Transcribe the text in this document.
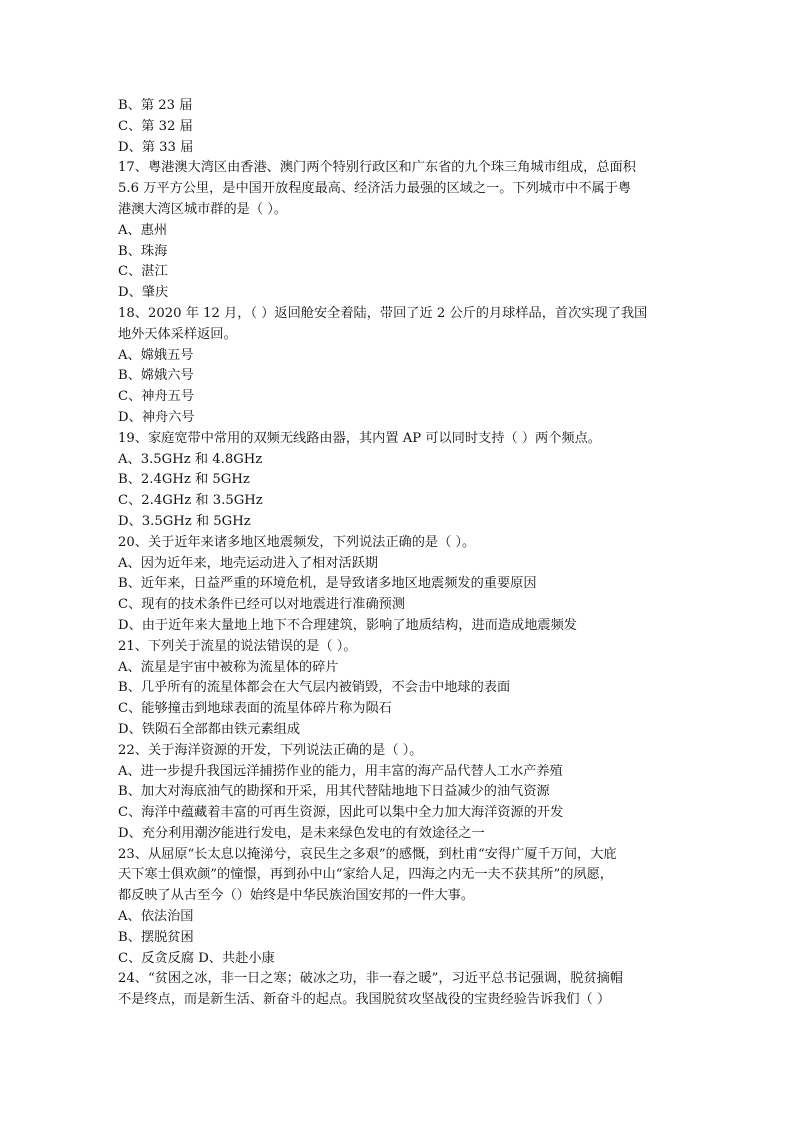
B、第 23 届
C、第 32 届
D、第 33 届
17、粤港澳大湾区由香港、澳门两个特别行政区和广东省的九个珠三角城市组成，总面积
5.6 万平方公里，是中国开放程度最高、经济活力最强的区域之一。下列城市中不属于粤
港澳大湾区城市群的是（ ）。
A、惠州
B、珠海
C、湛江
D、肇庆
18、2020 年 12 月，（ ）返回舱安全着陆，带回了近 2 公斤的月球样品，首次实现了我国
地外天体采样返回。
A、嫦娥五号
B、嫦娥六号
C、神舟五号
D、神舟六号
19、家庭宽带中常用的双频无线路由器，其内置 AP 可以同时支持（ ）两个频点。
A、3.5GHz 和 4.8GHz
B、2.4GHz 和 5GHz
C、2.4GHz 和 3.5GHz
D、3.5GHz 和 5GHz
20、关于近年来诸多地区地震频发，下列说法正确的是（ ）。
A、因为近年来，地壳运动进入了相对活跃期
B、近年来，日益严重的环境危机，是导致诸多地区地震频发的重要原因
C、现有的技术条件已经可以对地震进行准确预测
D、由于近年来大量地上地下不合理建筑，影响了地质结构，进而造成地震频发
21、下列关于流星的说法错误的是（ ）。
A、流星是宇宙中被称为流星体的碎片
B、几乎所有的流星体都会在大气层内被销毁，不会击中地球的表面
C、能够撞击到地球表面的流星体碎片称为陨石
D、铁陨石全部都由铁元素组成
22、关于海洋资源的开发，下列说法正确的是（ ）。
A、进一步提升我国远洋捕捞作业的能力，用丰富的海产品代替人工水产养殖
B、加大对海底油气的勘探和开采，用其代替陆地地下日益减少的油气资源
C、海洋中蕴藏着丰富的可再生资源，因此可以集中全力加大海洋资源的开发
D、充分利用潮汐能进行发电，是未来绿色发电的有效途径之一
23、从屈原“长太息以掩涕兮，哀民生之多艰”的感慨，到杜甫“安得广厦千万间，大庇
天下寒士俱欢颜”的憧憬，再到孙中山“家给人足，四海之内无一夫不获其所”的夙愿，
都反映了从古至今（）始终是中华民族治国安邦的一件大事。
A、依法治国
B、摆脱贫困
C、反贪反腐 D、共赴小康
24、“贫困之冰，非一日之寒；破冰之功，非一春之暖”，习近平总书记强调，脱贫摘帽
不是终点，而是新生活、新奋斗的起点。我国脱贫攻坚战役的宝贵经验告诉我们（ ）
